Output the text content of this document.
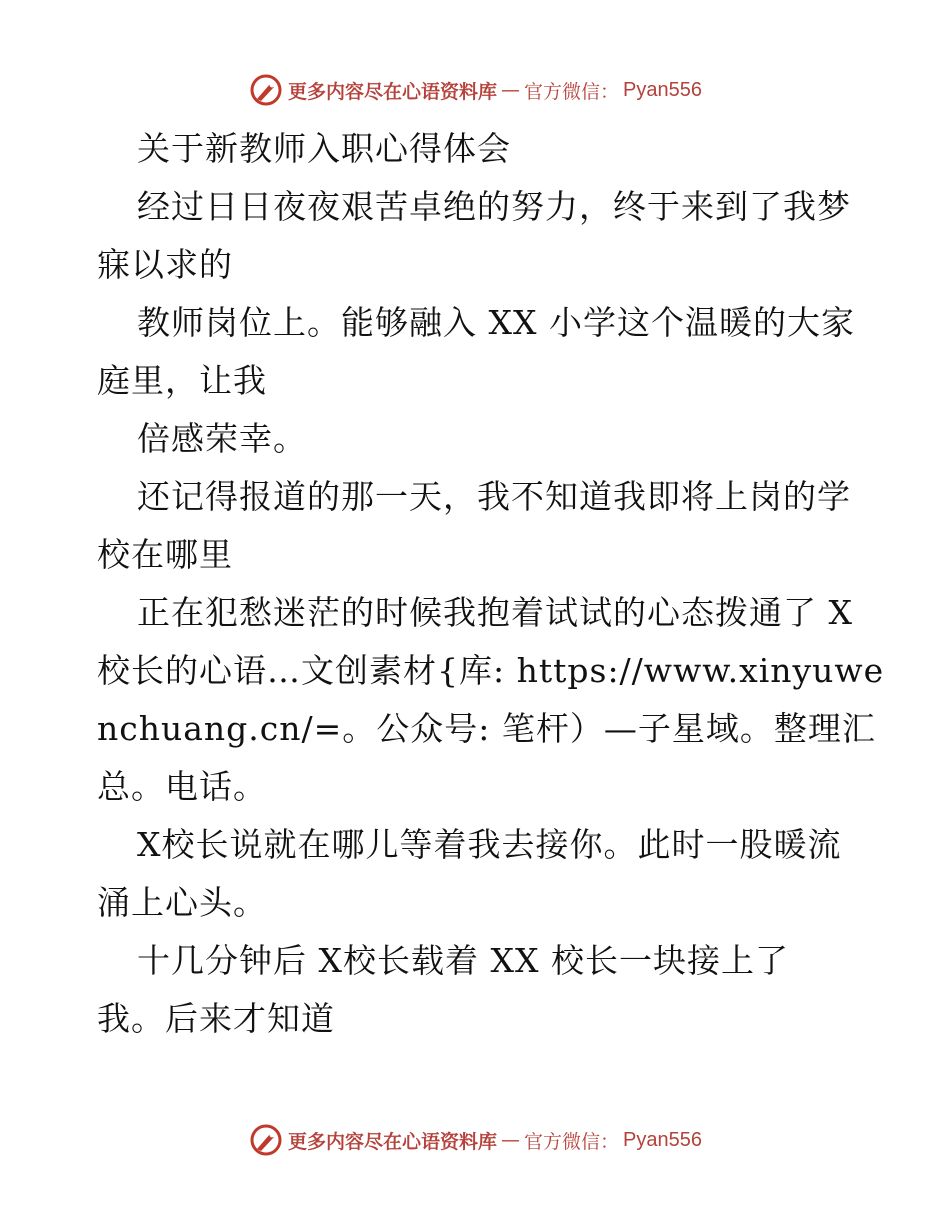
更多内容尽在心语资料库 — 官方微信： Pyan556
关于新教师入职心得体会
经过日日夜夜艰苦卓绝的努力，终于来到了我梦
寐以求的
教师岗位上。能够融入 XX 小学这个温暖的大家
庭里，让我
倍感荣幸。
还记得报道的那一天，我不知道我即将上岗的学
校在哪里
正在犯愁迷茫的时候我抱着试试的心态拨通了 X
校长的心语…文创素材{库: https://www.xinyuwe
nchuang.cn/=。公众号: 笔杆）—子星域。整理汇
总。电话。
X校长说就在哪儿等着我去接你。此时一股暖流
涌上心头。
十几分钟后 X校长载着 XX 校长一块接上了
我。后来才知道
更多内容尽在心语资料库 — 官方微信： Pyan556
